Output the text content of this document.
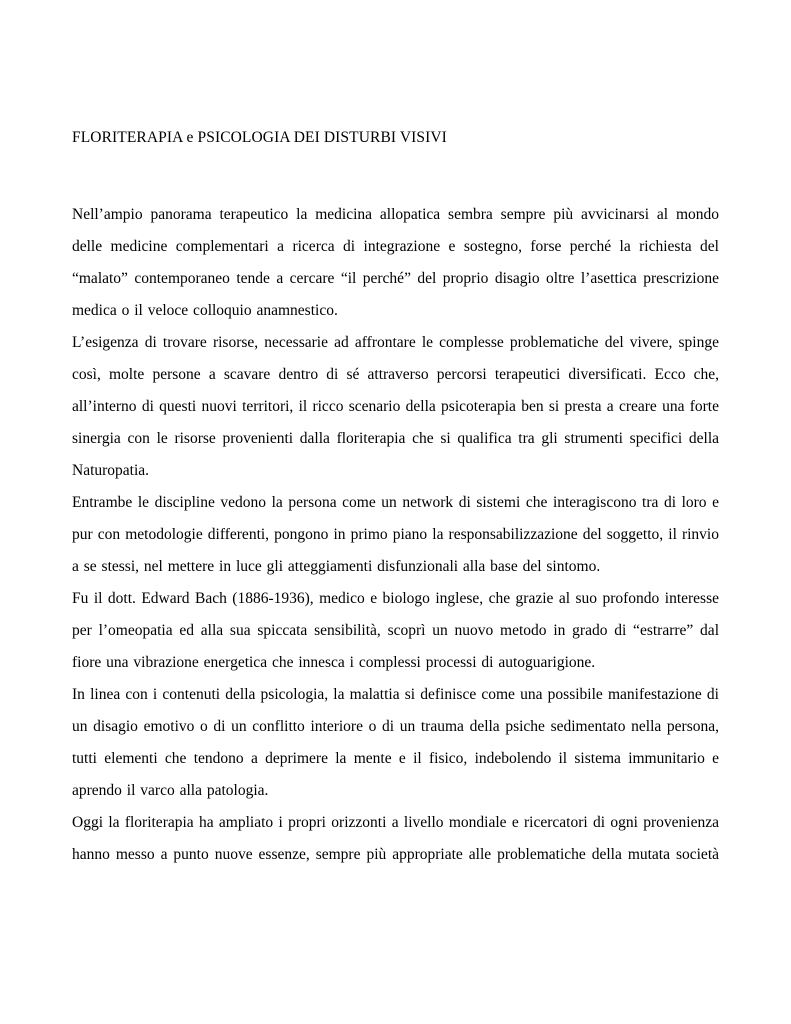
FLORITERAPIA e PSICOLOGIA DEI DISTURBI VISIVI

Nell’ampio panorama terapeutico la medicina allopatica sembra sempre più avvicinarsi al mondo delle medicine complementari a ricerca di integrazione e sostegno, forse perché la richiesta del “malato” contemporaneo tende a cercare “il perché” del proprio disagio oltre l’asettica prescrizione medica o il veloce colloquio anamnestico.

L’esigenza di trovare risorse, necessarie ad affrontare le complesse problematiche del vivere, spinge così, molte persone a scavare dentro di sé attraverso percorsi terapeutici diversificati. Ecco che, all’interno di questi nuovi territori, il ricco scenario della psicoterapia ben si presta a creare una forte sinergia con le risorse provenienti dalla floriterapia che si qualifica tra gli strumenti specifici della Naturopatia.

Entrambe le discipline vedono la persona come un network di sistemi che interagiscono tra di loro e pur con metodologie differenti, pongono in primo piano la responsabilizzazione del soggetto, il rinvio a se stessi, nel mettere in luce gli atteggiamenti disfunzionali alla base del sintomo.

Fu il dott. Edward Bach (1886-1936), medico e biologo inglese, che grazie al suo profondo interesse per l’omeopatia ed alla sua spiccata sensibilità, scoprì un nuovo metodo in grado di “estrarre” dal fiore una vibrazione energetica che innesca i complessi processi di autoguarigione.

In linea con i contenuti della psicologia, la malattia si definisce come una possibile manifestazione di un disagio emotivo o di un conflitto interiore o di un trauma della psiche sedimentato nella persona, tutti elementi che tendono a deprimere la mente e il fisico, indebolendo il sistema immunitario e aprendo il varco alla patologia.

Oggi la floriterapia ha ampliato i propri orizzonti a livello mondiale e ricercatori di ogni provenienza hanno messo a punto nuove essenze, sempre più appropriate alle problematiche della mutata società
